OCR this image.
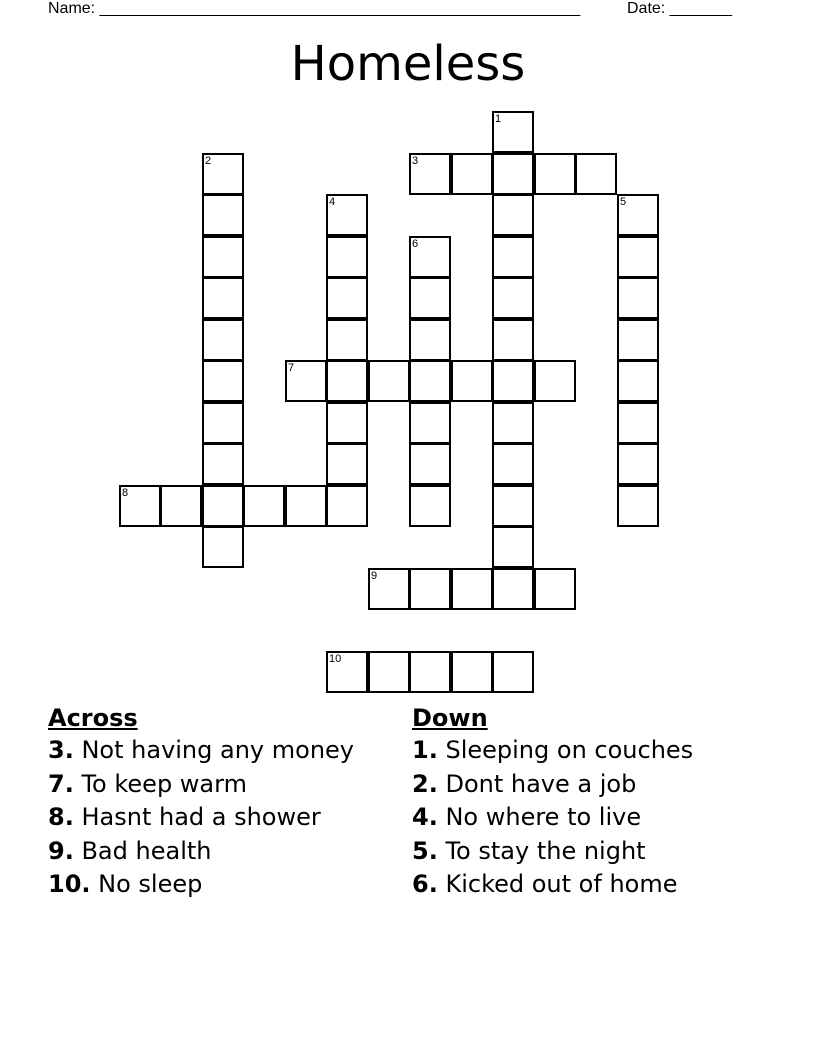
Name: ______________________________________________________	Date: _______
Homeless
1
2	3
4	5
6
7
8
9
10
Across
3. Not having any money
7. To keep warm
8. Hasnt had a shower
9. Bad health
10. No sleep
Down
1. Sleeping on couches
2. Dont have a job
4. No where to live
5. To stay the night
6. Kicked out of home
